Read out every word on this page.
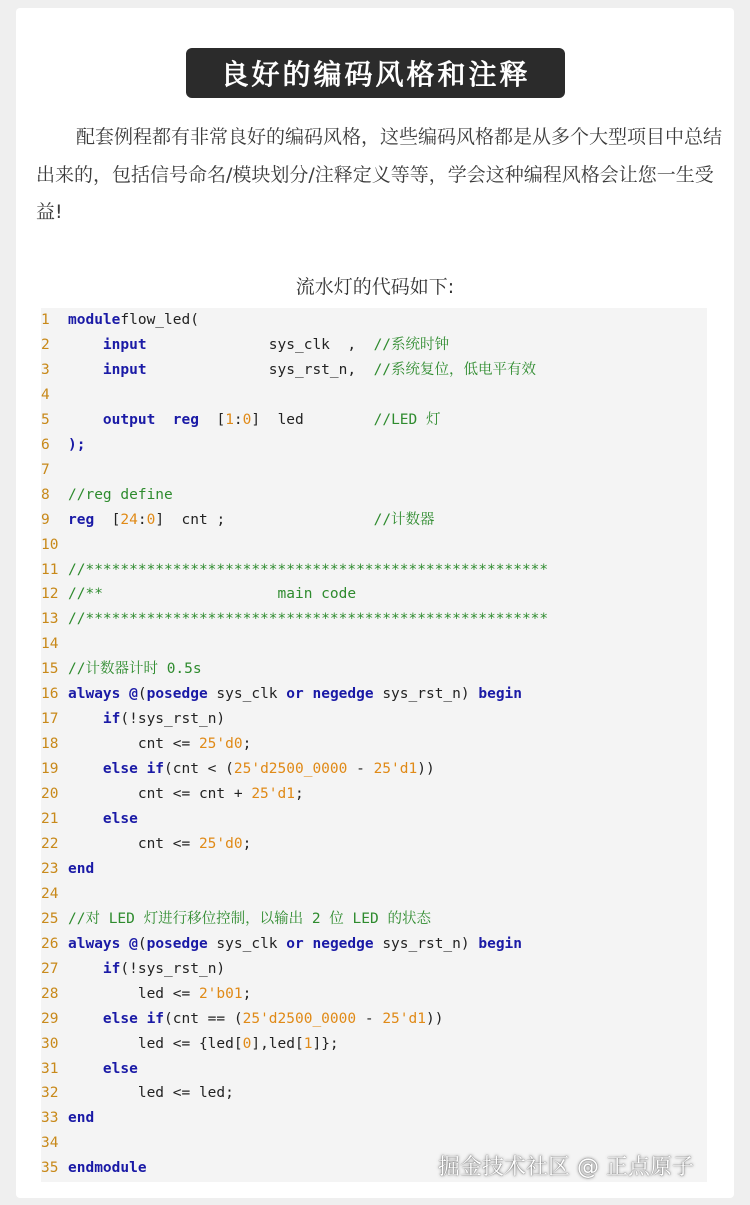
良好的编码风格和注释

配套例程都有非常良好的编码风格，这些编码风格都是从多个大型项目中总结出来的，包括信号命名/模块划分/注释定义等等，学会这种编程风格会让您一生受益!

流水灯的代码如下:
1	moduleflow_led(
2	input              sys_clk  ,  //系统时钟
3	input              sys_rst_n,  //系统复位，低电平有效
4
5	output reg  [1:0]  led        //LED 灯
6	);
7
8	//reg define
9	reg  [24:0]  cnt ;                 //计数器
10
11 //*****************************************************
12 //**                    main code
13 //*****************************************************
14
15 //计数器计时 0.5s
16 always @(posedge sys_clk or negedge sys_rst_n) begin
17	if(!sys_rst_n)
18 cnt <= 25'd0;
19	else if(cnt < (25'd2500_0000 - 25'd1))
20 cnt <= cnt + 25'd1;
21	else
22 cnt <= 25'd0;
23 end
24
25 //对 LED 灯进行移位控制，以输出 2 位 LED 的状态
26 always @(posedge sys_clk or negedge sys_rst_n) begin
27	if(!sys_rst_n)
28 led <= 2'b01;
29	else if(cnt == (25'd2500_0000 - 25'd1))
30 led <= {led[0],led[1]};
31	else
32 led <= led;
33 end
34
35 endmodule	掘金技术社区 @ 正点原子
